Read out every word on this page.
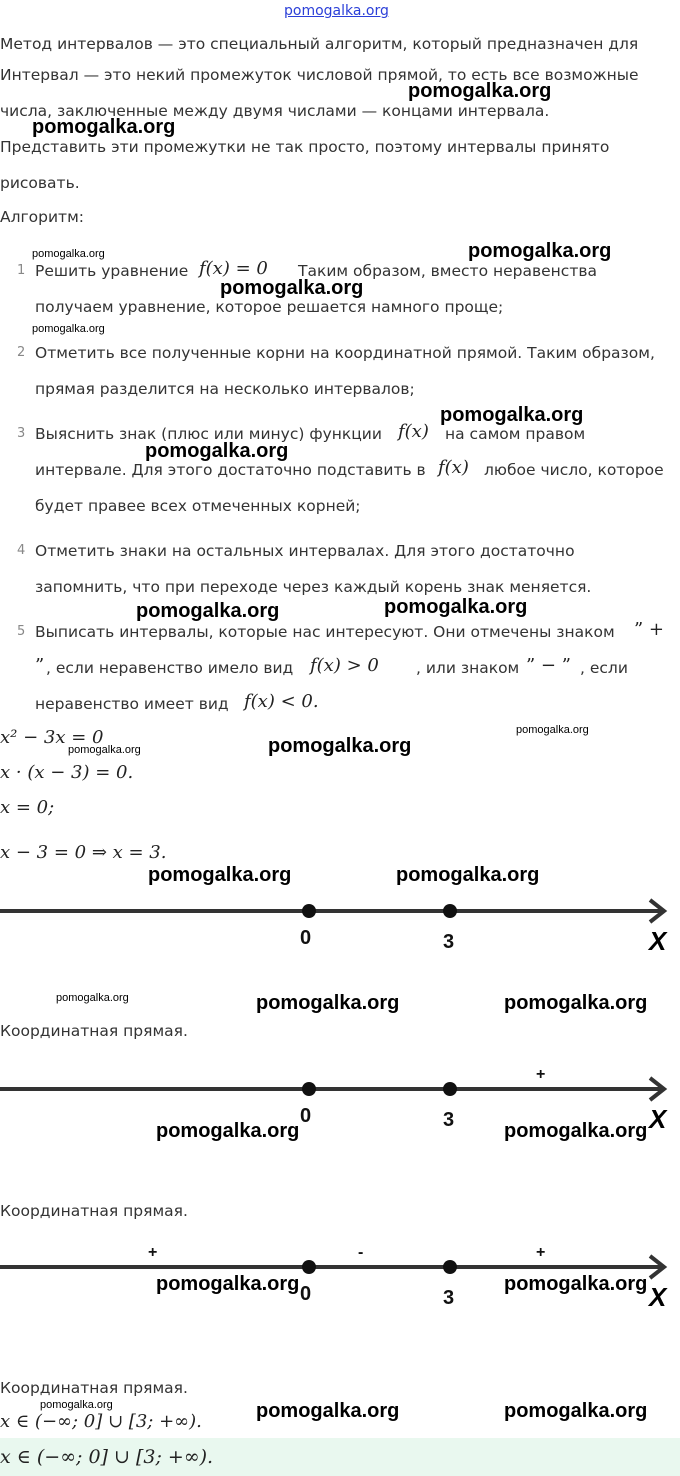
pomogalka.org
Метод интервалов — это специальный алгоритм, который предназначен для
Интервал — это некий промежуток числовой прямой, то есть все возможные
числа, заключенные между двумя числами — концами интервала.
Представить эти промежутки не так просто, поэтому интервалы принято
рисовать.
Алгоритм:
1 Решить уравнение f(x) = 0 Таким образом, вместо неравенства
получаем уравнение, которое решается намного проще;
2 Отметить все полученные корни на координатной прямой. Таким образом,
прямая разделится на несколько интервалов;
3 Выяснить знак (плюс или минус) функции f(x) на самом правом
интервале. Для этого достаточно подставить в f(x) любое число, которое
будет правее всех отмеченных корней;
4 Отметить знаки на остальных интервалах. Для этого достаточно
запомнить, что при переходе через каждый корень знак меняется.
5 Выписать интервалы, которые нас интересуют. Они отмечены знаком ” +
” , если неравенство имело вид f(x) > 0 , или знаком ” − ” , если
неравенство имеет вид f(x) < 0.
x² − 3x = 0
x · (x − 3) = 0.
x = 0;
x − 3 = 0 ⇒ x = 3.
0	3	X
Координатная прямая.
+
0	3	X
Координатная прямая.
+	-	+
0	3	X
Координатная прямая.
x ∈ (−∞; 0] ∪ [3; +∞).
x ∈ (−∞; 0] ∪ [3; +∞).
pomogalka.org
pomogalka.org
pomogalka.org	pomogalka.org
pomogalka.org
pomogalka.org
pomogalka.org
pomogalka.org
pomogalka.org	pomogalka.org
pomogalka.org
pomogalka.org
pomogalka.org
pomogalka.org	pomogalka.org
pomogalka.org	pomogalka.org	pomogalka.org
pomogalka.org	pomogalka.org
pomogalka.org	pomogalka.org
pomogalka.org	pomogalka.org	pomogalka.org
